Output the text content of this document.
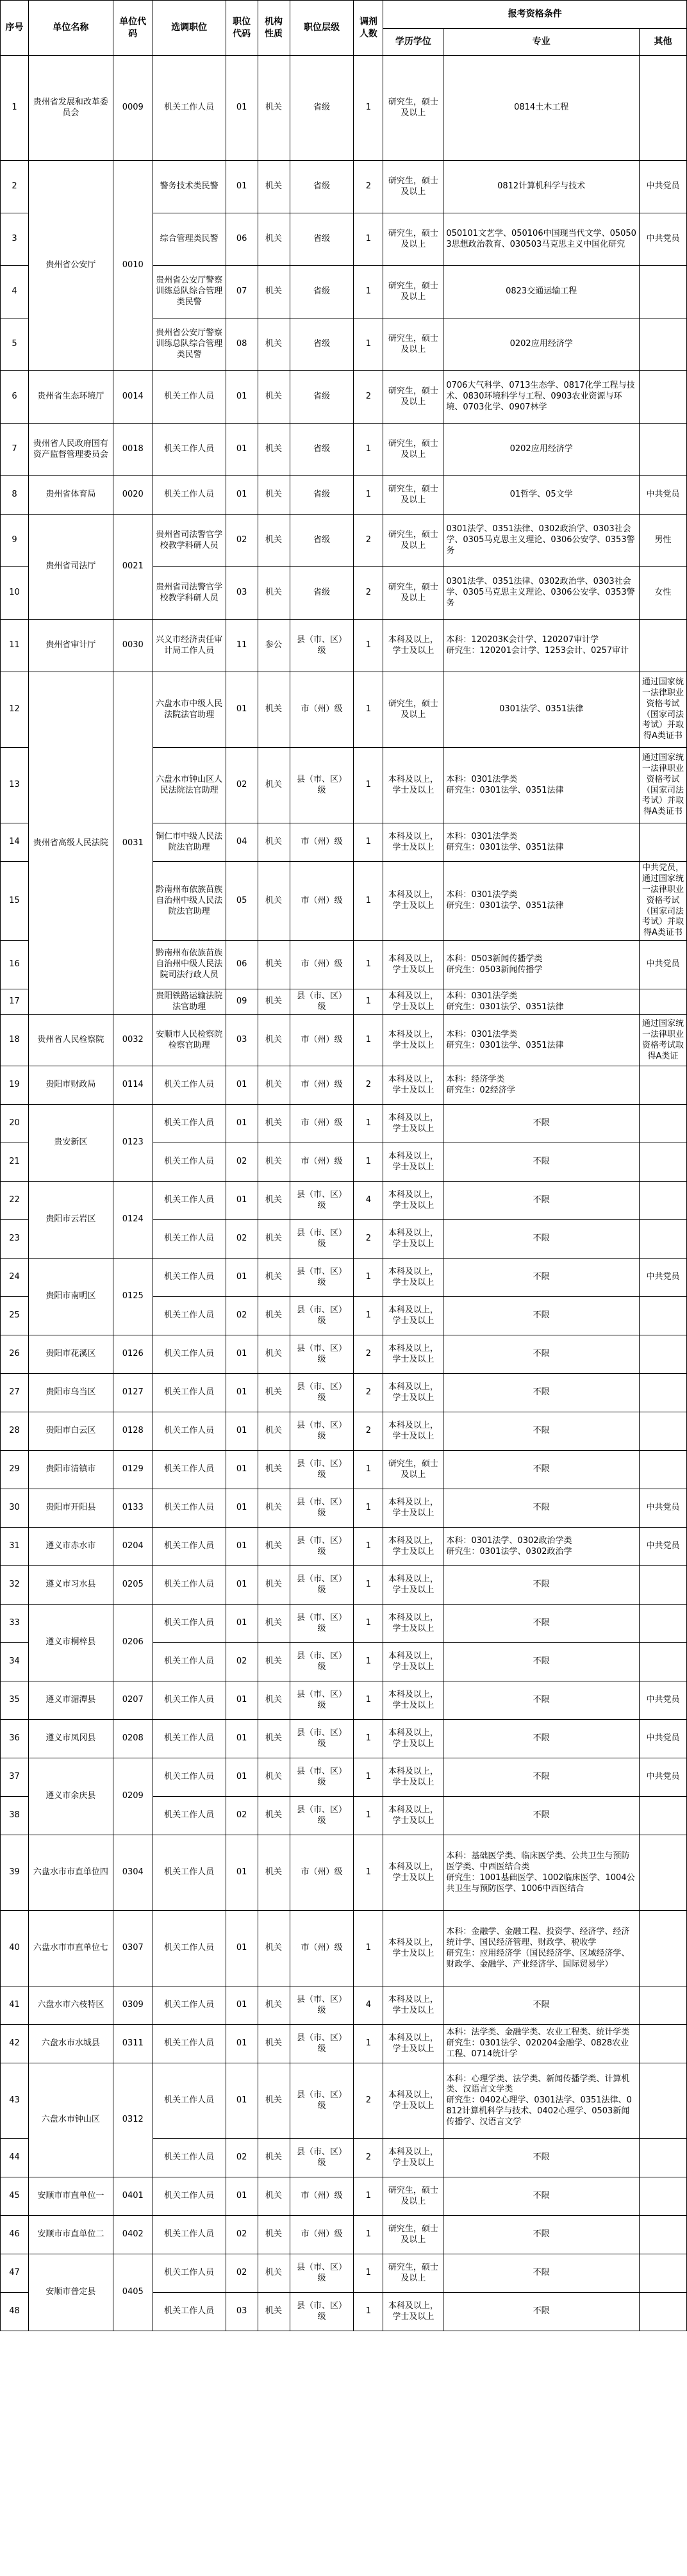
序号	单位名称	单位代码	选调职位	职位代码	机构性质	职位层级	调剂人数	报考资格条件		
								学历学位	专业	其他
1	贵州省发展和改革委员会	0009	机关工作人员	01	机关	省级	1	研究生，硕士及以上	0814土木工程	
2	贵州省公安厅	0010	警务技术类民警	01	机关	省级	2	研究生，硕士及以上	0812计算机科学与技术	中共党员
3			综合管理类民警	06	机关	省级	1	研究生，硕士及以上	050101文艺学、050106中国现当代文学、050503思想政治教育、030503马克思主义中国化研究	中共党员
4			贵州省公安厅警察训练总队综合管理类民警	07	机关	省级	1	研究生，硕士及以上	0823交通运输工程	
5			贵州省公安厅警察训练总队综合管理类民警	08	机关	省级	1	研究生，硕士及以上	0202应用经济学	
6	贵州省生态环境厅	0014	机关工作人员	01	机关	省级	2	研究生，硕士及以上	0706大气科学、0713生态学、0817化学工程与技术、0830环境科学与工程、0903农业资源与环境、0703化学、0907林学	
7	贵州省人民政府国有资产监督管理委员会	0018	机关工作人员	01	机关	省级	1	研究生，硕士及以上	0202应用经济学	
8	贵州省体育局	0020	机关工作人员	01	机关	省级	1	研究生，硕士及以上	01哲学、05文学	中共党员
9	贵州省司法厅	0021	贵州省司法警官学校教学科研人员	02	机关	省级	2	研究生，硕士及以上	0301法学、0351法律、0302政治学、0303社会学、0305马克思主义理论、0306公安学、0353警务	男性
10			贵州省司法警官学校教学科研人员	03	机关	省级	2	研究生，硕士及以上	0301法学、0351法律、0302政治学、0303社会学、0305马克思主义理论、0306公安学、0353警务	女性
11	贵州省审计厅	0030	兴义市经济责任审计局工作人员	11	参公	县（市、区）级	1	本科及以上，学士及以上	本科：120203K会计学、120207审计学
研究生：120201会计学、1253会计、0257审计	
12	贵州省高级人民法院	0031	六盘水市中级人民法院法官助理	01	机关	市（州）级	1	研究生，硕士及以上	0301法学、0351法律	通过国家统一法律职业资格考试（国家司法考试）并取得A类证书
13			六盘水市钟山区人民法院法官助理	02	机关	县（市、区）级	1	本科及以上，学士及以上	本科：0301法学类
研究生：0301法学、0351法律	通过国家统一法律职业资格考试（国家司法考试）并取得A类证书
14			铜仁市中级人民法院法官助理	04	机关	市（州）级	1	本科及以上，学士及以上	本科：0301法学类
研究生：0301法学、0351法律	
15			黔南州布依族苗族自治州中级人民法院法官助理	05	机关	市（州）级	1	本科及以上，学士及以上	本科：0301法学类
研究生：0301法学、0351法律	中共党员，通过国家统一法律职业资格考试（国家司法考试）并取得A类证书
16			黔南州布依族苗族自治州中级人民法院司法行政人员	06	机关	市（州）级	1	本科及以上，学士及以上	本科：0503新闻传播学类
研究生：0503新闻传播学	中共党员
17			贵阳铁路运输法院法官助理	09	机关	县（市、区）级	1	本科及以上，学士及以上	本科：0301法学类
研究生：0301法学、0351法律	
18	贵州省人民检察院	0032	安顺市人民检察院检察官助理	03	机关	市（州）级	1	本科及以上，学士及以上	本科：0301法学类
研究生：0301法学、0351法律	通过国家统一法律职业资格考试取得A类证
19	贵阳市财政局	0114	机关工作人员	01	机关	市（州）级	2	本科及以上，学士及以上	本科：经济学类
研究生：02经济学	
20	贵安新区	0123	机关工作人员	01	机关	市（州）级	1	本科及以上，学士及以上	不限	
21			机关工作人员	02	机关	市（州）级	1	本科及以上，学士及以上	不限	
22	贵阳市云岩区	0124	机关工作人员	01	机关	县（市、区）级	4	本科及以上，学士及以上	不限	
23			机关工作人员	02	机关	县（市、区）级	2	本科及以上，学士及以上	不限	
24	贵阳市南明区	0125	机关工作人员	01	机关	县（市、区）级	1	本科及以上，学士及以上	不限	中共党员
25			机关工作人员	02	机关	县（市、区）级	1	本科及以上，学士及以上	不限	
26	贵阳市花溪区	0126	机关工作人员	01	机关	县（市、区）级	2	本科及以上，学士及以上	不限	
27	贵阳市乌当区	0127	机关工作人员	01	机关	县（市、区）级	2	本科及以上，学士及以上	不限	
28	贵阳市白云区	0128	机关工作人员	01	机关	县（市、区）级	2	本科及以上，学士及以上	不限	
29	贵阳市清镇市	0129	机关工作人员	01	机关	县（市、区）级	1	研究生，硕士及以上	不限	
30	贵阳市开阳县	0133	机关工作人员	01	机关	县（市、区）级	1	本科及以上，学士及以上	不限	中共党员
31	遵义市赤水市	0204	机关工作人员	01	机关	县（市、区）级	1	本科及以上，学士及以上	本科：0301法学、0302政治学类
研究生：0301法学、0302政治学	中共党员
32	遵义市习水县	0205	机关工作人员	01	机关	县（市、区）级	1	本科及以上，学士及以上	不限	
33	遵义市桐梓县	0206	机关工作人员	01	机关	县（市、区）级	1	本科及以上，学士及以上	不限	
34			机关工作人员	02	机关	县（市、区）级	1	本科及以上，学士及以上	不限	
35	遵义市湄潭县	0207	机关工作人员	01	机关	县（市、区）级	1	本科及以上，学士及以上	不限	中共党员
36	遵义市凤冈县	0208	机关工作人员	01	机关	县（市、区）级	1	本科及以上，学士及以上	不限	中共党员
37	遵义市余庆县	0209	机关工作人员	01	机关	县（市、区）级	1	本科及以上，学士及以上	不限	中共党员
38			机关工作人员	02	机关	县（市、区）级	1	本科及以上，学士及以上	不限	
39	六盘水市市直单位四	0304	机关工作人员	01	机关	市（州）级	1	本科及以上，学士及以上	本科：基础医学类、临床医学类、公共卫生与预防医学类、中西医结合类
研究生：1001基础医学、1002临床医学、1004公共卫生与预防医学、1006中西医结合	
40	六盘水市市直单位七	0307	机关工作人员	01	机关	市（州）级	1	本科及以上，学士及以上	本科：金融学、金融工程、投资学、经济学、经济统计学、国民经济管理、财政学、税收学
研究生：应用经济学（国民经济学、区域经济学、财政学、金融学、产业经济学、国际贸易学）	
41	六盘水市六枝特区	0309	机关工作人员	01	机关	县（市、区）级	4	本科及以上，学士及以上	不限	
42	六盘水市水城县	0311	机关工作人员	01	机关	县（市、区）级	1	本科及以上，学士及以上	本科：法学类、金融学类、农业工程类、统计学类
研究生：0301法学、020204金融学、0828农业工程、0714统计学	
43	六盘水市钟山区	0312	机关工作人员	01	机关	县（市、区）级	2	本科及以上，学士及以上	本科：心理学类、法学类、新闻传播学类、计算机类、汉语言文学类
研究生：0402心理学、0301法学、0351法律、0812计算机科学与技术、0402心理学、0503新闻传播学、汉语言文学	
44			机关工作人员	02	机关	县（市、区）级	2	本科及以上，学士及以上	不限	
45	安顺市市直单位一	0401	机关工作人员	01	机关	市（州）级	1	研究生，硕士及以上	不限	
46	安顺市市直单位二	0402	机关工作人员	02	机关	市（州）级	1	研究生，硕士及以上	不限	
47	安顺市普定县	0405	机关工作人员	02	机关	县（市、区）级	1	研究生，硕士及以上	不限	
48			机关工作人员	03	机关	县（市、区）级	1	本科及以上，学士及以上	不限	
